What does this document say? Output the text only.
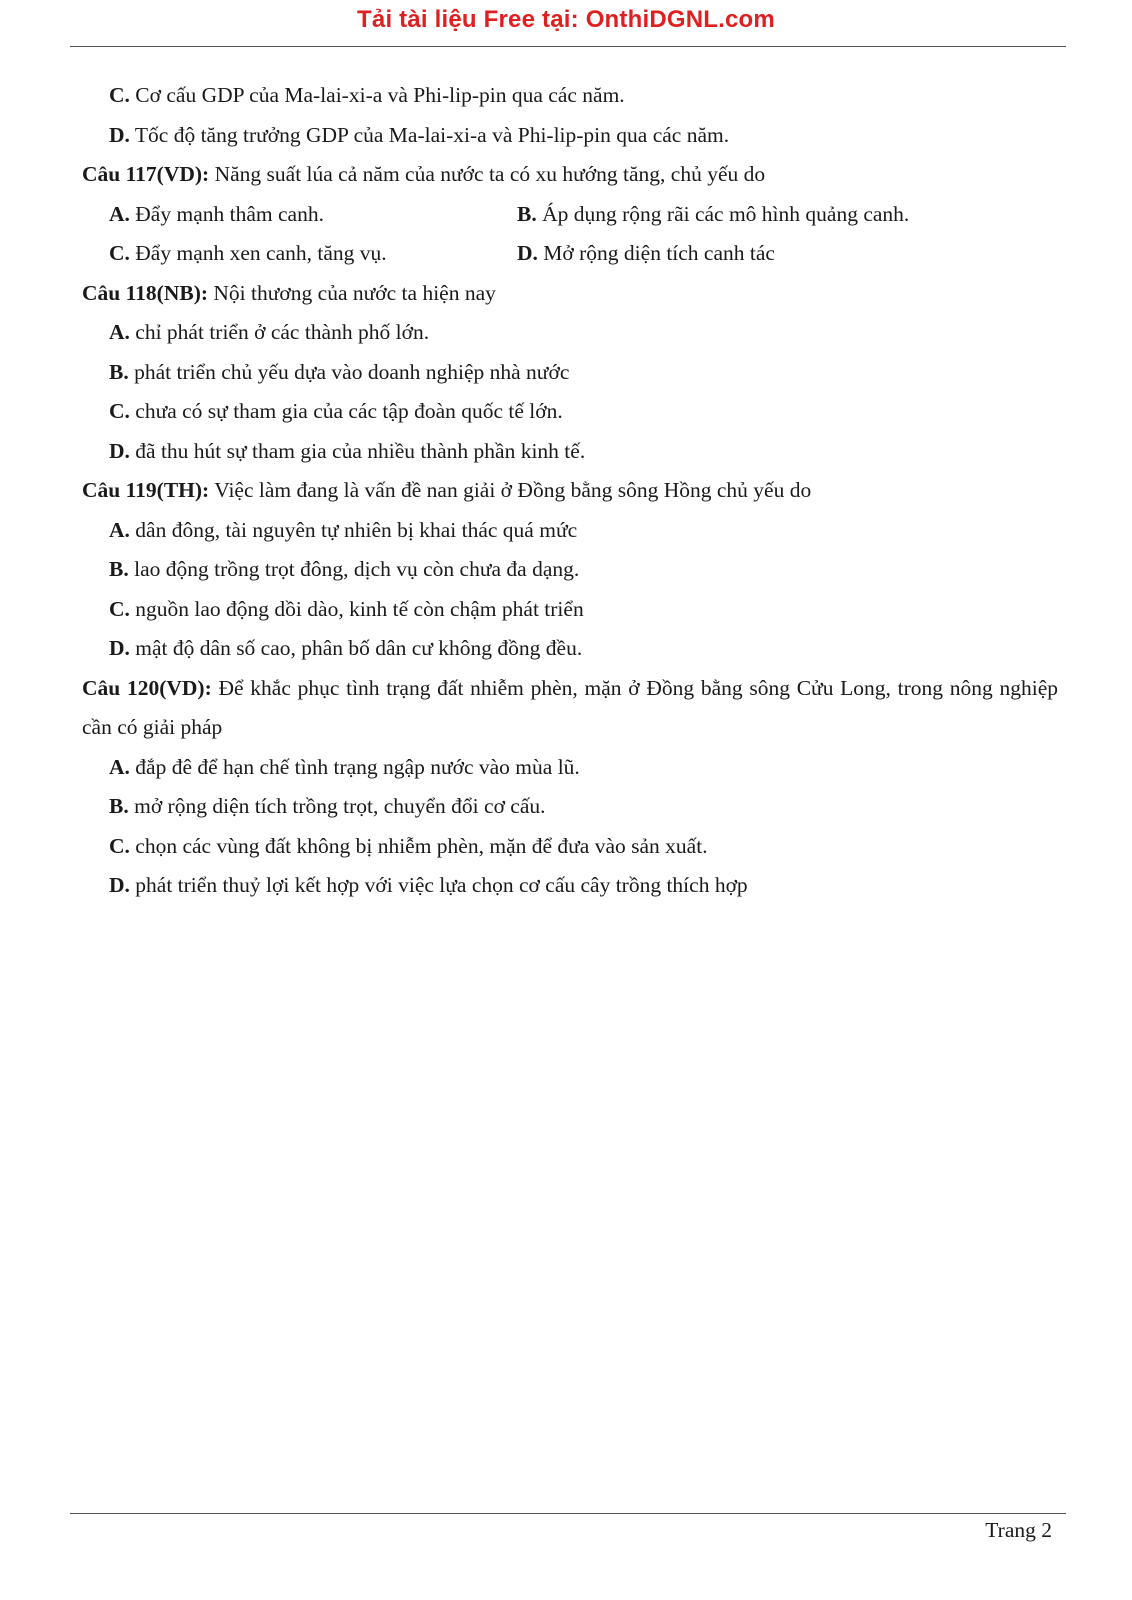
Tải tài liệu Free tại: OnthiDGNL.com
C. Cơ cấu GDP của Ma-lai-xi-a và Phi-lip-pin qua các năm.
D. Tốc độ tăng trưởng GDP của Ma-lai-xi-a và Phi-lip-pin qua các năm.
Câu 117(VD): Năng suất lúa cả năm của nước ta có xu hướng tăng, chủ yếu do
A. Đẩy mạnh thâm canh.	B. Áp dụng rộng rãi các mô hình quảng canh.
C. Đẩy mạnh xen canh, tăng vụ.	D. Mở rộng diện tích canh tác
Câu 118(NB): Nội thương của nước ta hiện nay
A. chỉ phát triển ở các thành phố lớn.
B. phát triển chủ yếu dựa vào doanh nghiệp nhà nước
C. chưa có sự tham gia của các tập đoàn quốc tế lớn.
D. đã thu hút sự tham gia của nhiều thành phần kinh tế.
Câu 119(TH): Việc làm đang là vấn đề nan giải ở Đồng bằng sông Hồng chủ yếu do
A. dân đông, tài nguyên tự nhiên bị khai thác quá mức
B. lao động trồng trọt đông, dịch vụ còn chưa đa dạng.
C. nguồn lao động dồi dào, kinh tế còn chậm phát triển
D. mật độ dân số cao, phân bố dân cư không đồng đều.
Câu 120(VD): Để khắc phục tình trạng đất nhiễm phèn, mặn ở Đồng bằng sông Cửu Long, trong nông nghiệp cần có giải pháp
A. đắp đê để hạn chế tình trạng ngập nước vào mùa lũ.
B. mở rộng diện tích trồng trọt, chuyển đổi cơ cấu.
C. chọn các vùng đất không bị nhiễm phèn, mặn để đưa vào sản xuất.
D. phát triển thuỷ lợi kết hợp với việc lựa chọn cơ cấu cây trồng thích hợp
Trang 2
